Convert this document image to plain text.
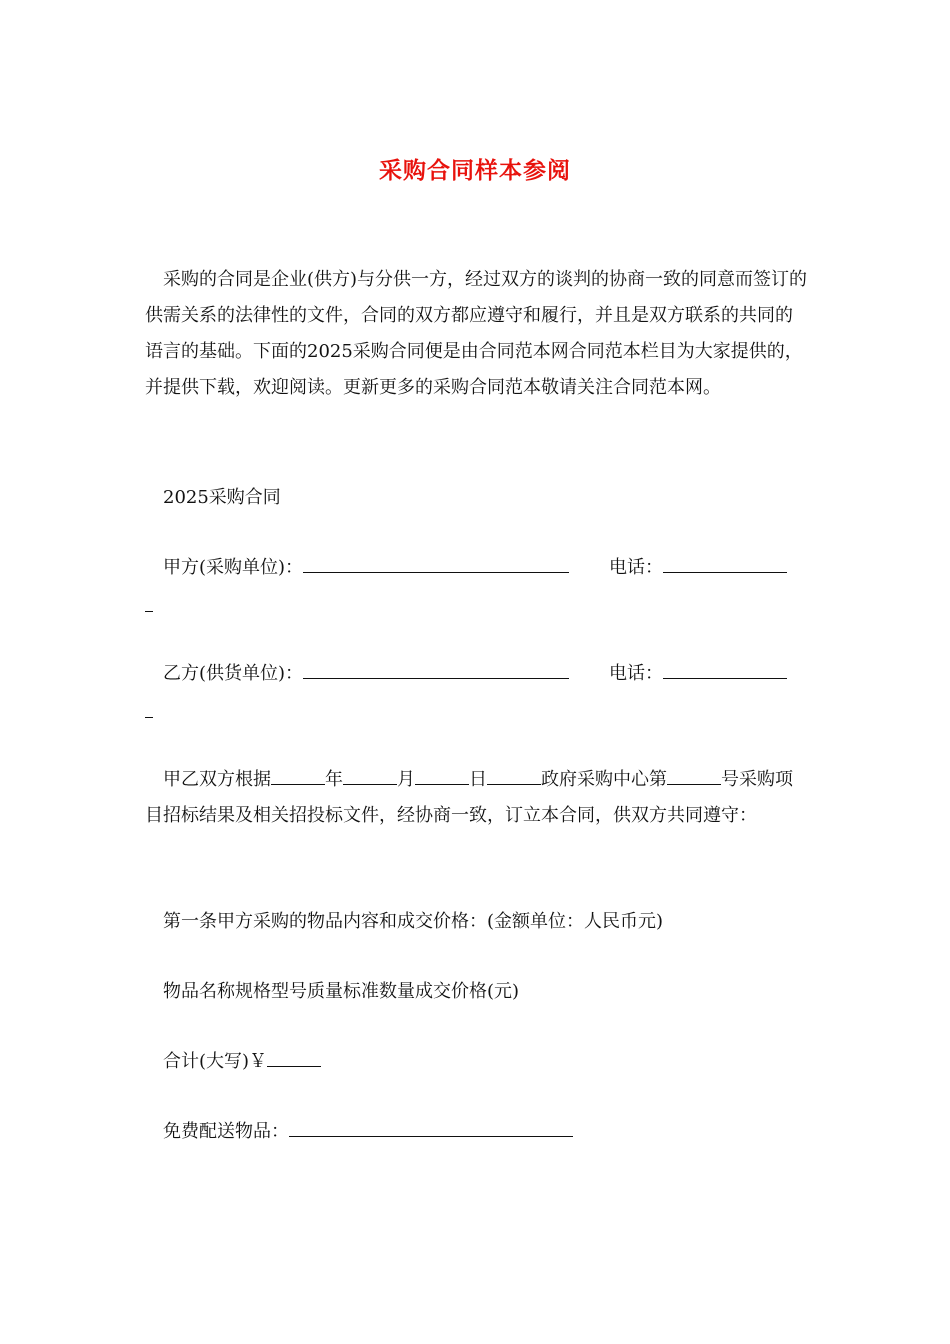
采购合同样本参阅

采购的合同是企业(供方)与分供一方，经过双方的谈判的协商一致的同意而签订的供需关系的法律性的文件，合同的双方都应遵守和履行，并且是双方联系的共同的语言的基础。下面的2025采购合同便是由合同范本网合同范本栏目为大家提供的，并提供下载，欢迎阅读。更新更多的采购合同范本敬请关注合同范本网。

2025采购合同
甲方(采购单位)：	电话：
乙方(供货单位)：	电话：

甲乙双方根据	年	月	日	政府采购中心第	号采购项目招标结果及相关招投标文件，经协商一致，订立本合同，供双方共同遵守：

第一条甲方采购的物品内容和成交价格：(金额单位：人民币元)
物品名称规格型号质量标准数量成交价格(元)
合计(大写)￥
免费配送物品：
